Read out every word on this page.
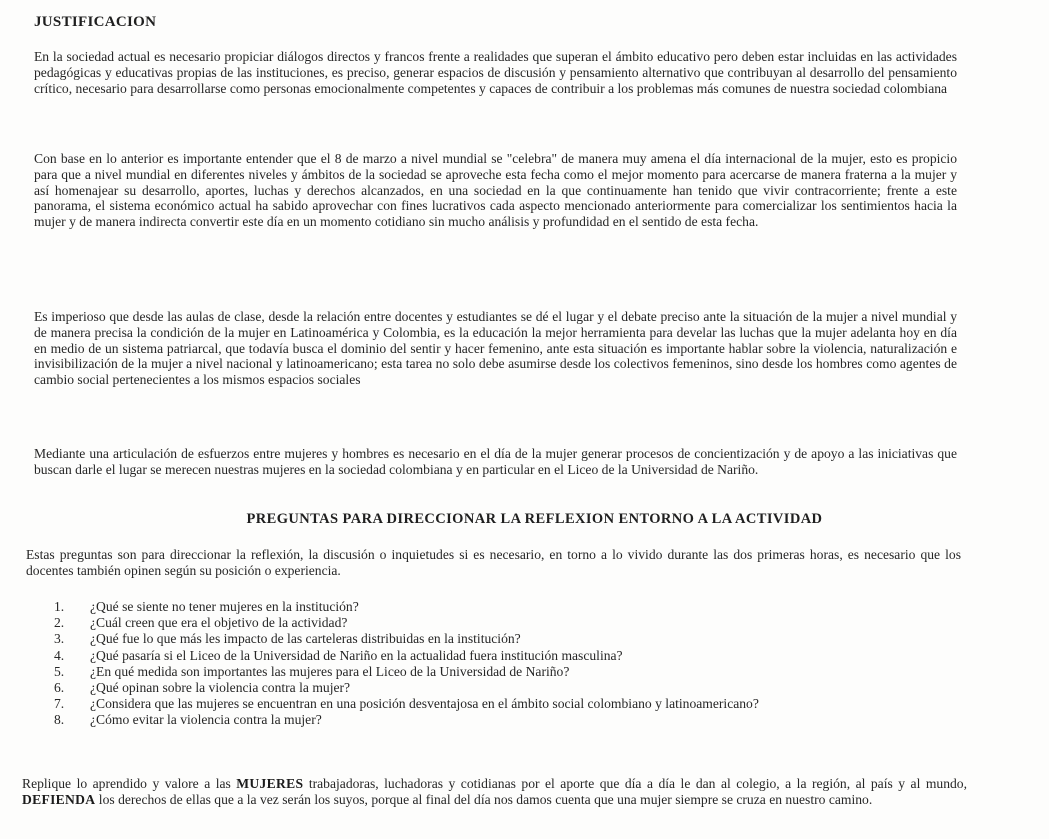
JUSTIFICACION

En la sociedad actual es necesario propiciar diálogos directos y francos frente a realidades que superan el ámbito educativo pero deben estar incluidas en las actividades pedagógicas y educativas propias de las instituciones, es preciso, generar espacios de discusión y pensamiento alternativo que contribuyan al desarrollo del pensamiento crítico, necesario para desarrollarse como personas emocionalmente competentes y capaces de contribuir a los problemas más comunes de nuestra sociedad colombiana

Con base en lo anterior es importante entender que el 8 de marzo a nivel mundial se "celebra" de manera muy amena el día internacional de la mujer, esto es propicio para que a nivel mundial en diferentes niveles y ámbitos de la sociedad se aproveche esta fecha como el mejor momento para acercarse de manera fraterna a la mujer y así homenajear su desarrollo, aportes, luchas y derechos alcanzados, en una sociedad en la que continuamente han tenido que vivir contracorriente; frente a este panorama, el sistema económico actual ha sabido aprovechar con fines lucrativos cada aspecto mencionado anteriormente para comercializar los sentimientos hacia la mujer y de manera indirecta convertir este día en un momento cotidiano sin mucho análisis y profundidad en el sentido de esta fecha.

Es imperioso que desde las aulas de clase, desde la relación entre docentes y estudiantes se dé el lugar y el debate preciso ante la situación de la mujer a nivel mundial y de manera precisa la condición de la mujer en Latinoamérica y Colombia, es la educación la mejor herramienta para develar las luchas que la mujer adelanta hoy en día en medio de un sistema patriarcal, que todavía busca el dominio del sentir y hacer femenino, ante esta situación es importante hablar sobre la violencia, naturalización e invisibilización de la mujer a nivel nacional y latinoamericano; esta tarea no solo debe asumirse desde los colectivos femeninos, sino desde los hombres como agentes de cambio social pertenecientes a los mismos espacios sociales

Mediante una articulación de esfuerzos entre mujeres y hombres es necesario en el día de la mujer generar procesos de concientización y de apoyo a las iniciativas que buscan darle el lugar se merecen nuestras mujeres en la sociedad colombiana y en particular en el Liceo de la Universidad de Nariño.

PREGUNTAS PARA DIRECCIONAR LA REFLEXION ENTORNO A LA ACTIVIDAD

Estas preguntas son para direccionar la reflexión, la discusión o inquietudes si es necesario, en torno a lo vivido durante las dos primeras horas, es necesario que los docentes también opinen según su posición o experiencia.

1.	¿Qué se siente no tener mujeres en la institución?
2.	¿Cuál creen que era el objetivo de la actividad?
3.	¿Qué fue lo que más les impacto de las carteleras distribuidas en la institución?
4.	¿Qué pasaría si el Liceo de la Universidad de Nariño en la actualidad fuera institución masculina?
5.	¿En qué medida son importantes las mujeres para el Liceo de la Universidad de Nariño?
6.	¿Qué opinan sobre la violencia contra la mujer?
7.	¿Considera que las mujeres se encuentran en una posición desventajosa en el ámbito social colombiano y latinoamericano?
8.	¿Cómo evitar la violencia contra la mujer?

Replique lo aprendido y valore a las MUJERES trabajadoras, luchadoras y cotidianas por el aporte que día a día le dan al colegio, a la región, al país y al mundo, DEFIENDA los derechos de ellas que a la vez serán los suyos, porque al final del día nos damos cuenta que una mujer siempre se cruza en nuestro camino.
